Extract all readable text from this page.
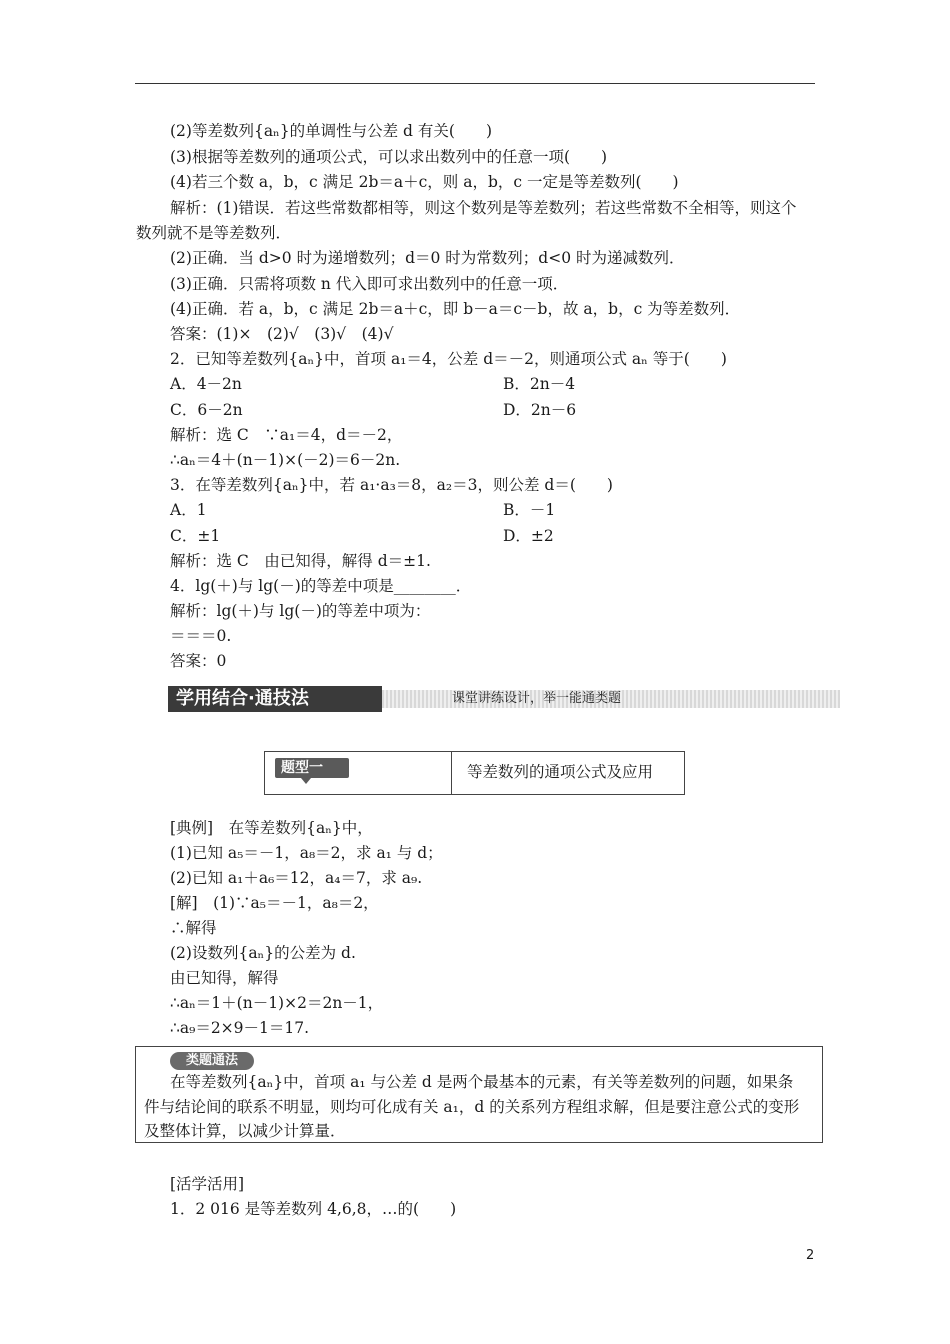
(2)等差数列{aₙ}的单调性与公差 d 有关(　　)
(3)根据等差数列的通项公式，可以求出数列中的任意一项(　　)
(4)若三个数 a，b，c 满足 2b＝a＋c，则 a，b，c 一定是等差数列(　　)
解析：(1)错误．若这些常数都相等，则这个数列是等差数列；若这些常数不全相等，则这个
数列就不是等差数列．
(2)正确．当 d>0 时为递增数列；d＝0 时为常数列；d<0 时为递减数列．
(3)正确．只需将项数 n 代入即可求出数列中的任意一项．
(4)正确．若 a，b，c 满足 2b＝a＋c，即 b－a＝c－b，故 a，b，c 为等差数列．
答案：(1)×　(2)√　(3)√　(4)√
2．已知等差数列{aₙ}中，首项 a₁＝4，公差 d＝－2，则通项公式 aₙ 等于(　　)
A．4－2n	B．2n－4
C．6－2n	D．2n－6
解析：选 C　∵a₁＝4，d＝－2，
∴aₙ＝4＋(n－1)×(－2)＝6－2n.
3．在等差数列{aₙ}中，若 a₁·a₃＝8，a₂＝3，则公差 d＝(　　)
A．1	B．－1
C．±1	D．±2
解析：选 C　由已知得，解得 d＝±1.
4．lg(＋)与 lg(－)的等差中项是________．
解析：lg(＋)与 lg(－)的等差中项为：
＝＝＝0.
答案：0
学用结合·通技法	课堂讲练设计，举一能通类题
题型一	等差数列的通项公式及应用
[典例]　在等差数列{aₙ}中，
(1)已知 a₅＝－1，a₈＝2，求 a₁ 与 d；
(2)已知 a₁＋a₆＝12，a₄＝7，求 a₉.
[解]　(1)∵a₅＝－1，a₈＝2，
∴解得
(2)设数列{aₙ}的公差为 d.
由已知得，解得
∴aₙ＝1＋(n－1)×2＝2n－1，
∴a₉＝2×9－1＝17.
类题通法
在等差数列{aₙ}中，首项 a₁ 与公差 d 是两个最基本的元素，有关等差数列的问题，如果条
件与结论间的联系不明显，则均可化成有关 a₁，d 的关系列方程组求解，但是要注意公式的变形
及整体计算，以减少计算量．
[活学活用]
1．2 016 是等差数列 4,6,8，…的(　　)
2
